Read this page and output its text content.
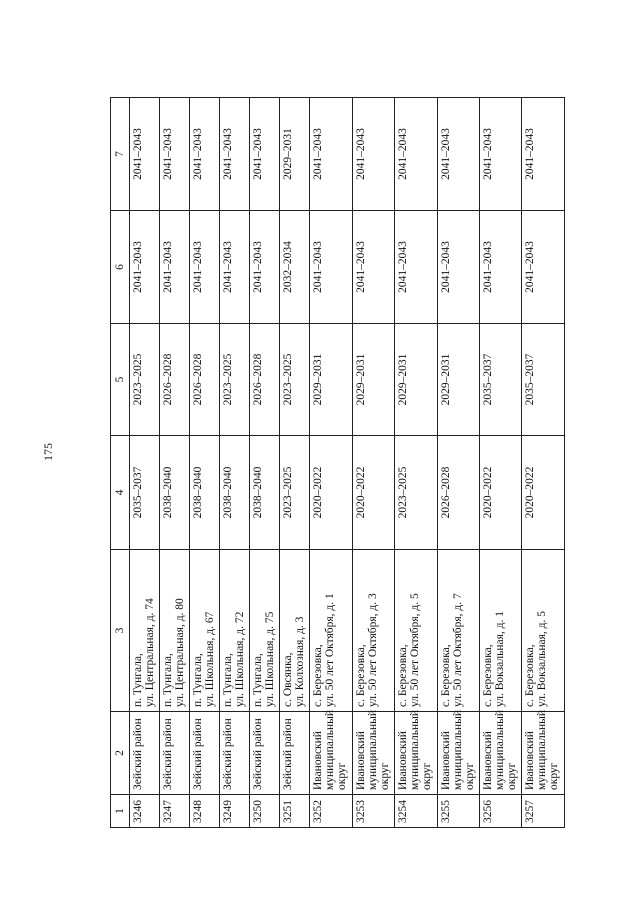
175
1	2	3	4	5	6	7
3246	Зейский район	п. Тунгала,
ул. Центральная, д. 74	2035–2037	2023–2025	2041–2043	2041–2043
3247	Зейский район	п. Тунгала,
ул. Центральная, д. 80	2038–2040	2026–2028	2041–2043	2041–2043
3248	Зейский район	п. Тунгала,
ул. Школьная, д. 67	2038–2040	2026–2028	2041–2043	2041–2043
3249	Зейский район	п. Тунгала,
ул. Школьная, д. 72	2038–2040	2023–2025	2041–2043	2041–2043
3250	Зейский район	п. Тунгала,
ул. Школьная, д. 75	2038–2040	2026–2028	2041–2043	2041–2043
3251	Зейский район	с. Овсянка,
ул. Колхозная, д. 3	2023–2025	2023–2025	2032–2034	2029–2031
3252	Ивановский
муниципальный
округ	с. Березовка,
ул. 50 лет Октября, д. 1	2020–2022	2029–2031	2041–2043	2041–2043
3253	Ивановский
муниципальный
округ	с. Березовка,
ул. 50 лет Октября, д. 3	2020–2022	2029–2031	2041–2043	2041–2043
3254	Ивановский
муниципальный
округ	с. Березовка,
ул. 50 лет Октября, д. 5	2023–2025	2029–2031	2041–2043	2041–2043
3255	Ивановский
муниципальный
округ	с. Березовка,
ул. 50 лет Октября, д. 7	2026–2028	2029–2031	2041–2043	2041–2043
3256	Ивановский
муниципальный
округ	с. Березовка,
ул. Вокзальная, д. 1	2020–2022	2035–2037	2041–2043	2041–2043
3257	Ивановский
муниципальный
округ	с. Березовка,
ул. Вокзальная, д. 5	2020–2022	2035–2037	2041–2043	2041–2043
